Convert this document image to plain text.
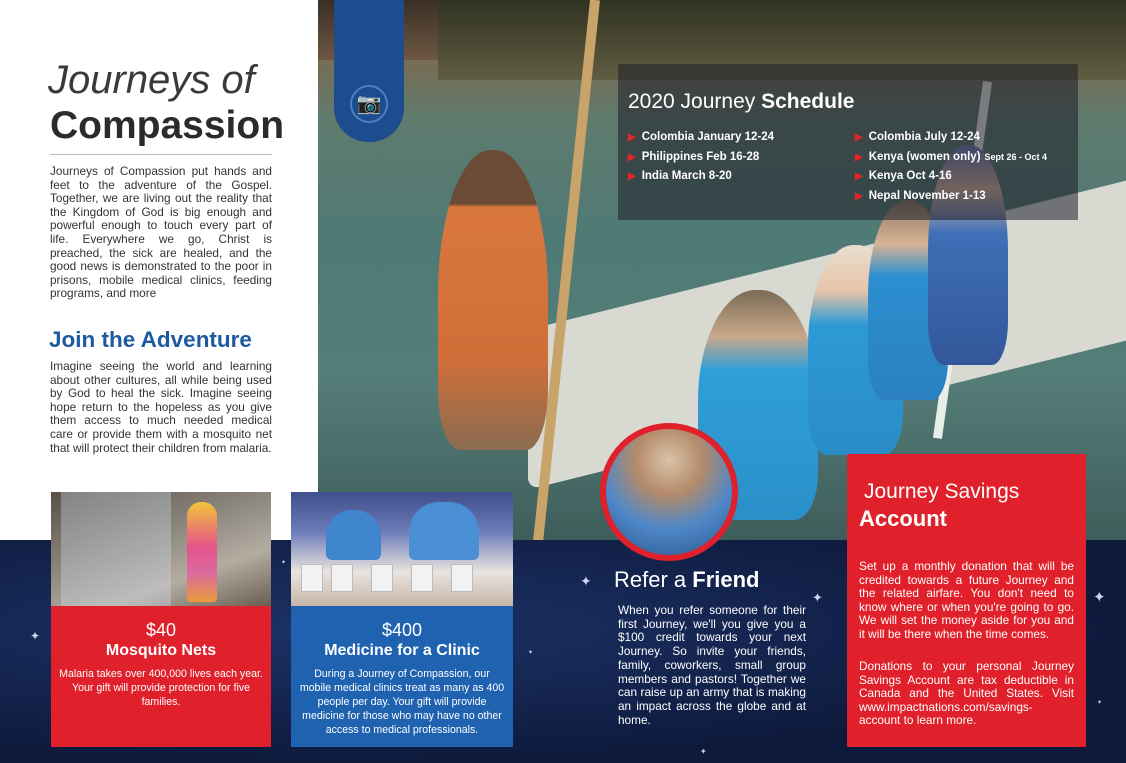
📷	2020 Journey Schedule
▶ Colombia January 12-24
▶ Philippines Feb 16-28
▶ India March 8-20
▶ Colombia July 12-24
▶ Kenya (women only) Sept 26 - Oct 4
▶ Kenya Oct 4-16
▶ Nepal November 1-13
Journeys of
Compassion

Journeys of Compassion put hands and feet to the adventure of the Gospel. Together, we are living out the reality that the Kingdom of God is big enough and powerful enough to touch every part of life. Everywhere we go, Christ is preached, the sick are healed, and the good news is demonstrated to the poor in prisons, mobile medical clinics, feeding programs, and more

Join the Adventure

Imagine seeing the world and learning about other cultures, all while being used by God to heal the sick. Imagine seeing hope return to the hopeless as you give them access to much needed medical care or provide them with a mosquito net that will protect their children from malaria.

$40
Mosquito Nets

Malaria takes over 400,000 lives each year. Your gift will provide protection for five families.

$400
Medicine for a Clinic

During a Journey of Compassion, our mobile medical clinics treat as many as 400 people per day. Your gift will provide medicine for those who may have no other access to medical professionals.

Refer a Friend

When you refer someone for their first Journey, we'll you give you a $100 credit towards your next Journey. So invite your friends, family, coworkers, small group members and pastors! Together we can raise up an army that is making an impact across the globe and at home.

Journey Savings
Account

Set up a monthly donation that will be credited towards a future Journey and the related airfare. You don't need to know where or when you're going to go. We will set the money aside for you and it will be there when the time comes.

Donations to your personal Journey Savings Account are tax deductible in Canada and the United States. Visit www.impactnations.com/savings-account to learn more.

✦
✦
✦
✦	✦
✦
✦
✦
